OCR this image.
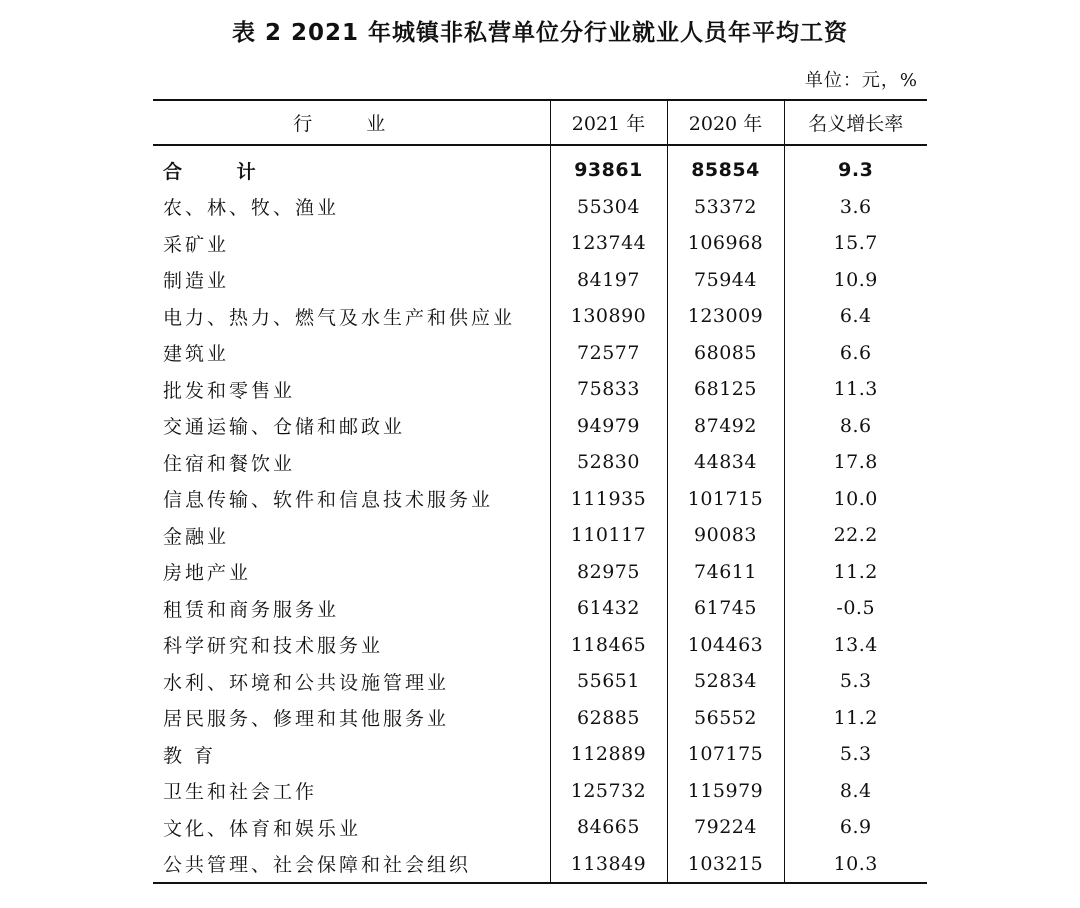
表 2 2021 年城镇非私营单位分行业就业人员年平均工资
单位：元，%
行 业	2021 年	2020 年	名义增长率
合 计	93861	85854	9.3
农、林、牧、渔业	55304	53372	3.6
采矿业	123744	106968	15.7
制造业	84197	75944	10.9
电力、热力、燃气及水生产和供应业	130890	123009	6.4
建筑业	72577	68085	6.6
批发和零售业	75833	68125	11.3
交通运输、仓储和邮政业	94979	87492	8.6
住宿和餐饮业	52830	44834	17.8
信息传输、软件和信息技术服务业	111935	101715	10.0
金融业	110117	90083	22.2
房地产业	82975	74611	11.2
租赁和商务服务业	61432	61745	-0.5
科学研究和技术服务业	118465	104463	13.4
水利、环境和公共设施管理业	55651	52834	5.3
居民服务、修理和其他服务业	62885	56552	11.2
教 育	112889	107175	5.3
卫生和社会工作	125732	115979	8.4
文化、体育和娱乐业	84665	79224	6.9
公共管理、社会保障和社会组织	113849	103215	10.3
